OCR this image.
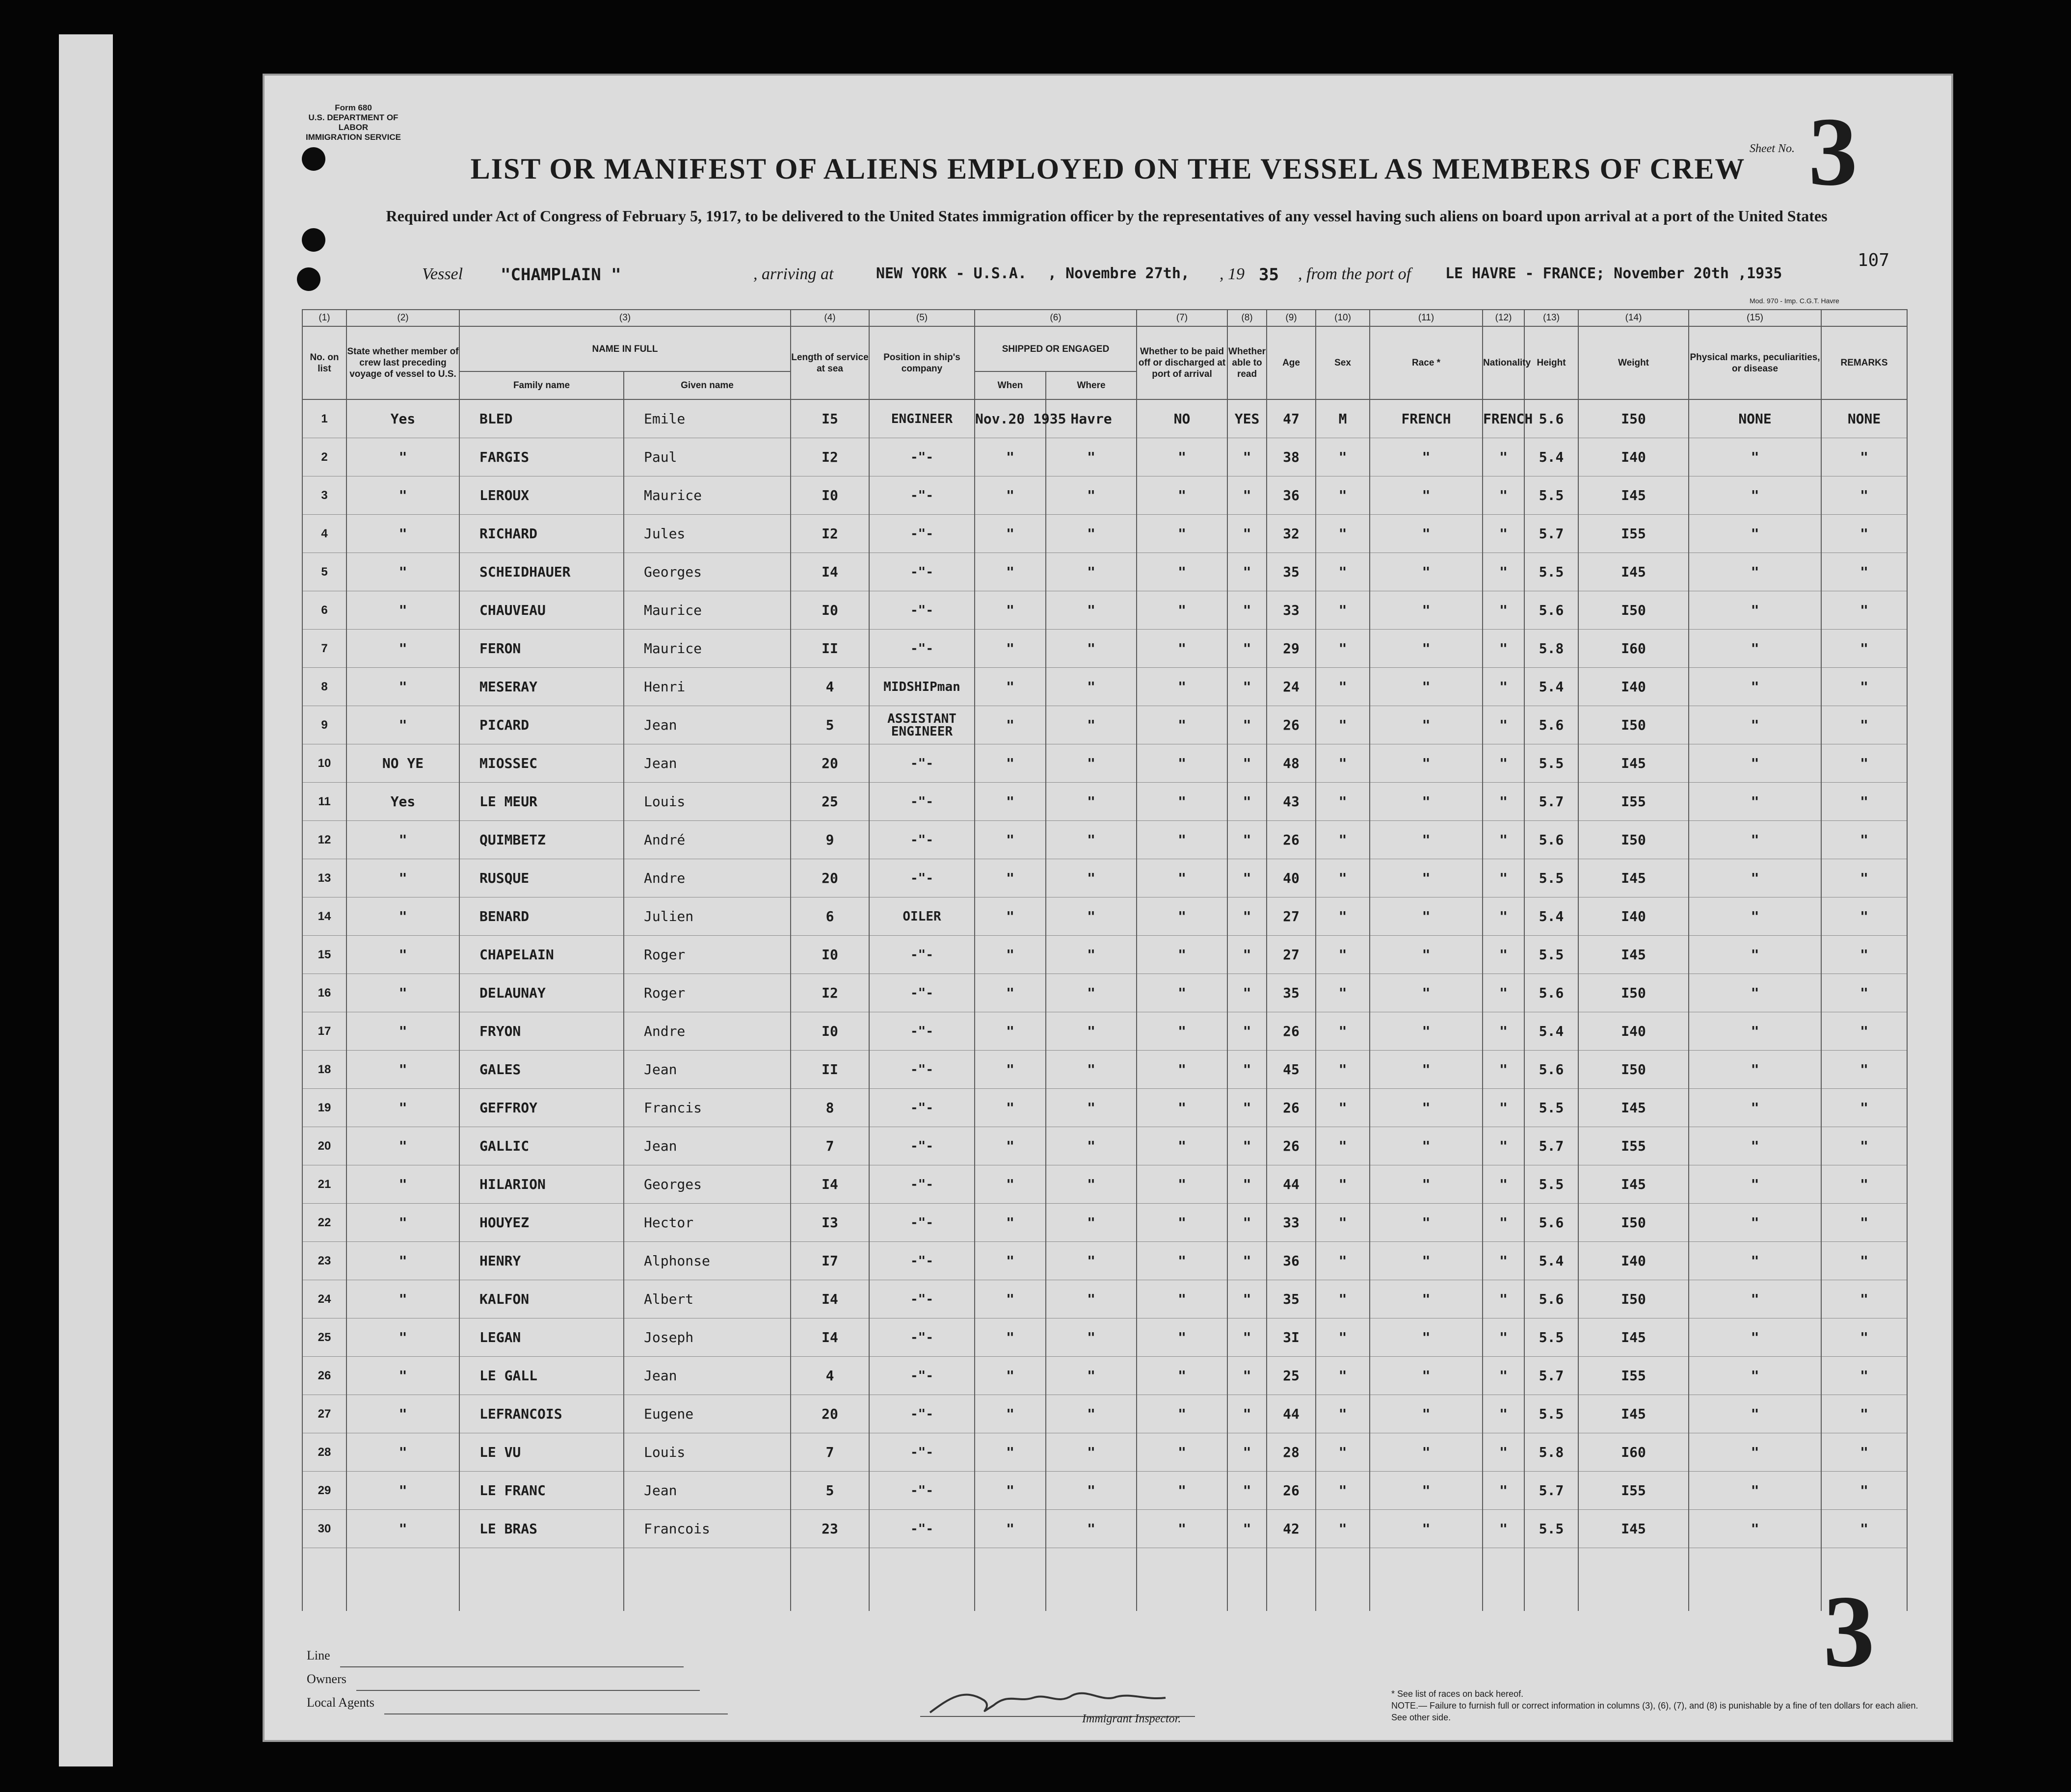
Form 680
U.S. DEPARTMENT OF LABOR
IMMIGRATION SERVICE
Sheet No. 3
LIST OR MANIFEST OF ALIENS EMPLOYED ON THE VESSEL AS MEMBERS OF CREW
Required under Act of Congress of February 5, 1917, to be delivered to the United States immigration officer by the representatives of any vessel having such aliens on board upon arrival at a port of the United States
Vessel "CHAMPLAIN "	, arriving at	NEW YORK - U.S.A. , Novembre 27th, , 19 35 , from the port of LE HAVRE - FRANCE; November 20th ,1935
107
Mod. 970 - Imp. C.G.T. Havre
(1)	(2)	(3)		(4)	(5)	(6)		(7)	(8)	(9)	(10)	(11)	(12)	(13)	(14)	(15)	
No. on list	State whether member of crew last preceding voyage of vessel to U.S.	NAME IN FULL		Length of service at sea	Position in ship's company	SHIPPED OR ENGAGED		Whether to be paid off or discharged at port of arrival	Whether able to read	Age	Sex	Race *	Nationality	Height	Weight	Physical marks, peculiarities, or disease	REMARKS
		Family name	Given name			When	Where										
1	Yes	BLED	Emile	I5	ENGINEER	Nov.20 1935	Havre	NO	YES	47	M	FRENCH	FRENCH	5.6	I50	NONE	NONE
2	"	FARGIS	Paul	I2	-"-	"	"	"	"	38	"	"	"	5.4	I40	"	"
3	"	LEROUX	Maurice	I0	-"-	"	"	"	"	36	"	"	"	5.5	I45	"	"
4	"	RICHARD	Jules	I2	-"-	"	"	"	"	32	"	"	"	5.7	I55	"	"
5	"	SCHEIDHAUER	Georges	I4	-"-	"	"	"	"	35	"	"	"	5.5	I45	"	"
6	"	CHAUVEAU	Maurice	I0	-"-	"	"	"	"	33	"	"	"	5.6	I50	"	"
7	"	FERON	Maurice	II	-"-	"	"	"	"	29	"	"	"	5.8	I60	"	"
8	"	MESERAY	Henri	4	MIDSHIPman	"	"	"	"	24	"	"	"	5.4	I40	"	"
9	"	PICARD	Jean	5	ASSISTANT ENGINEER	"	"	"	"	26	"	"	"	5.6	I50	"	"
10	NO YE	MIOSSEC	Jean	20	-"-	"	"	"	"	48	"	"	"	5.5	I45	"	"
11	Yes	LE MEUR	Louis	25	-"-	"	"	"	"	43	"	"	"	5.7	I55	"	"
12	"	QUIMBETZ	André	9	-"-	"	"	"	"	26	"	"	"	5.6	I50	"	"
13	"	RUSQUE	Andre	20	-"-	"	"	"	"	40	"	"	"	5.5	I45	"	"
14	"	BENARD	Julien	6	OILER	"	"	"	"	27	"	"	"	5.4	I40	"	"
15	"	CHAPELAIN	Roger	I0	-"-	"	"	"	"	27	"	"	"	5.5	I45	"	"
16	"	DELAUNAY	Roger	I2	-"-	"	"	"	"	35	"	"	"	5.6	I50	"	"
17	"	FRYON	Andre	I0	-"-	"	"	"	"	26	"	"	"	5.4	I40	"	"
18	"	GALES	Jean	II	-"-	"	"	"	"	45	"	"	"	5.6	I50	"	"
19	"	GEFFROY	Francis	8	-"-	"	"	"	"	26	"	"	"	5.5	I45	"	"
20	"	GALLIC	Jean	7	-"-	"	"	"	"	26	"	"	"	5.7	I55	"	"
21	"	HILARION	Georges	I4	-"-	"	"	"	"	44	"	"	"	5.5	I45	"	"
22	"	HOUYEZ	Hector	I3	-"-	"	"	"	"	33	"	"	"	5.6	I50	"	"
23	"	HENRY	Alphonse	I7	-"-	"	"	"	"	36	"	"	"	5.4	I40	"	"
24	"	KALFON	Albert	I4	-"-	"	"	"	"	35	"	"	"	5.6	I50	"	"
25	"	LEGAN	Joseph	I4	-"-	"	"	"	"	3I	"	"	"	5.5	I45	"	"
26	"	LE GALL	Jean	4	-"-	"	"	"	"	25	"	"	"	5.7	I55	"	"
27	"	LEFRANCOIS	Eugene	20	-"-	"	"	"	"	44	"	"	"	5.5	I45	"	"
28	"	LE VU	Louis	7	-"-	"	"	"	"	28	"	"	"	5.8	I60	"	"
29	"	LE FRANC	Jean	5	-"-	"	"	"	"	26	"	"	"	5.7	I55	"	"
30	"	LE BRAS	Francois	23	-"-	"	"	"	"	42	"	"	"	5.5	I45	"	"

Line
Owners
Local Agents
Immigrant Inspector.
3
* See list of races on back hereof.
NOTE.— Failure to furnish full or correct information in columns (3), (6), (7), and (8) is punishable by a fine of ten dollars for each alien. See other side.
